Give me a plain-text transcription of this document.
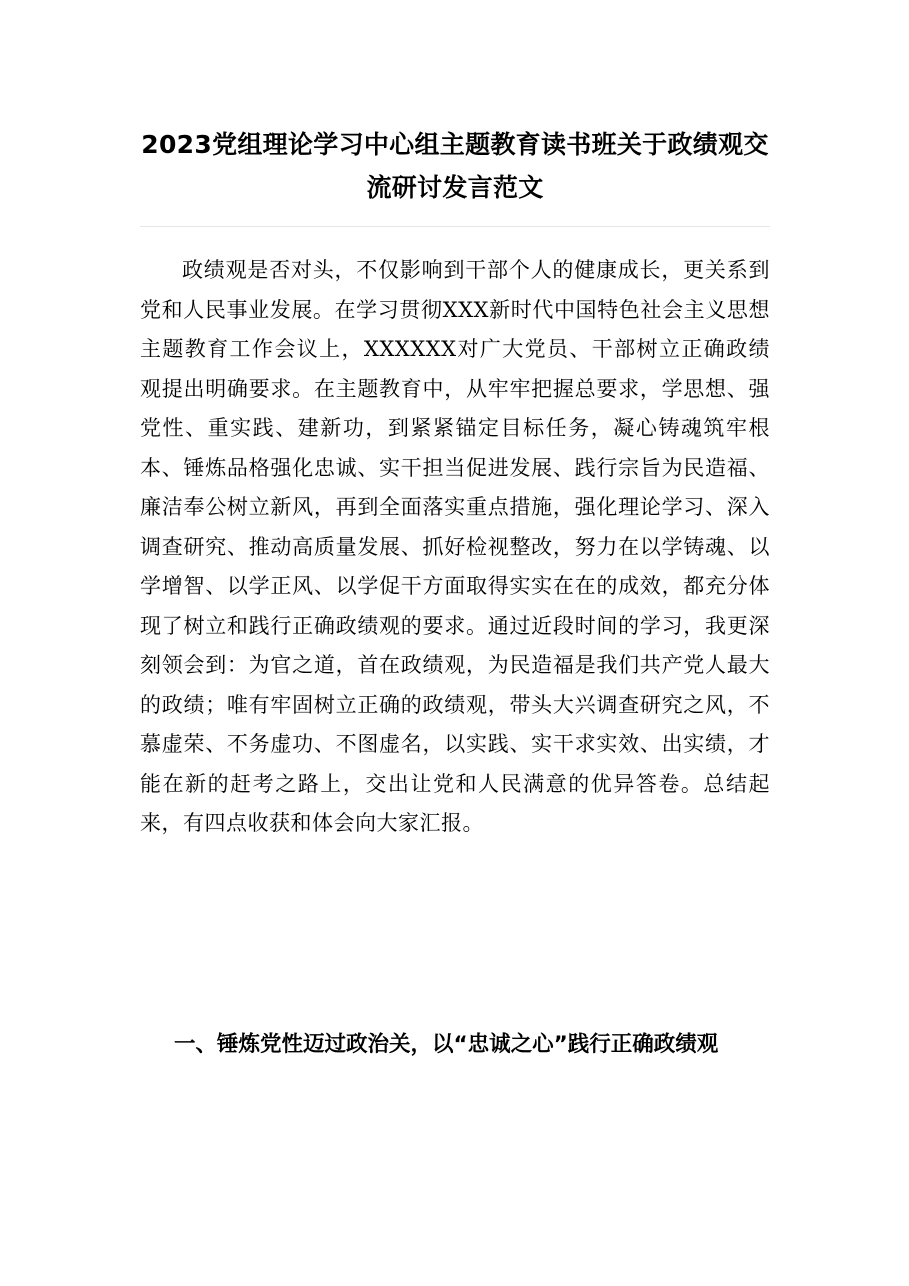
2023党组理论学习中心组主题教育读书班关于政绩观交流研讨发言范文

政绩观是否对头，不仅影响到干部个人的健康成长，更关系到党和人民事业发展。在学习贯彻XXX新时代中国特色社会主义思想主题教育工作会议上，XXXXXX对广大党员、干部树立正确政绩观提出明确要求。在主题教育中，从牢牢把握总要求，学思想、强党性、重实践、建新功，到紧紧锚定目标任务，凝心铸魂筑牢根本、锤炼品格强化忠诚、实干担当促进发展、践行宗旨为民造福、廉洁奉公树立新风，再到全面落实重点措施，强化理论学习、深入调查研究、推动高质量发展、抓好检视整改，努力在以学铸魂、以学增智、以学正风、以学促干方面取得实实在在的成效，都充分体现了树立和践行正确政绩观的要求。通过近段时间的学习，我更深刻领会到：为官之道，首在政绩观，为民造福是我们共产党人最大的政绩；唯有牢固树立正确的政绩观，带头大兴调查研究之风，不慕虚荣、不务虚功、不图虚名，以实践、实干求实效、出实绩，才能在新的赶考之路上，交出让党和人民满意的优异答卷。总结起来，有四点收获和体会向大家汇报。

一、锤炼党性迈过政治关，以“忠诚之心”践行正确政绩观
